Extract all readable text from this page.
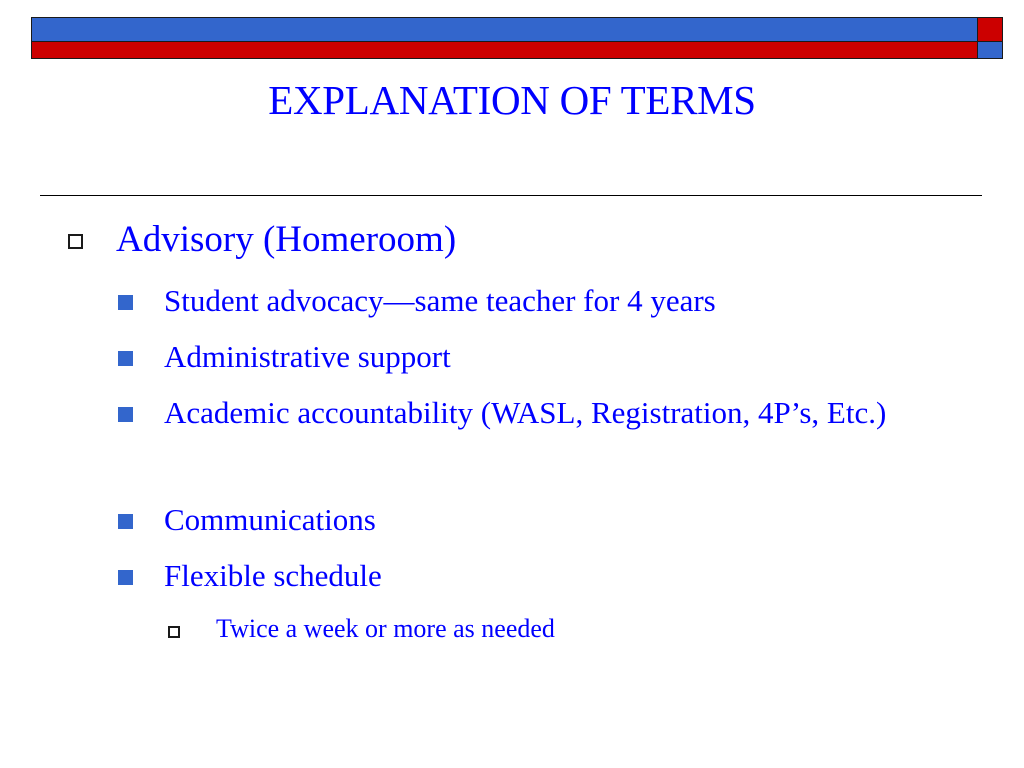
EXPLANATION OF TERMS
Advisory (Homeroom)
Student advocacy—same teacher for 4 years
Administrative support
Academic accountability (WASL, Registration, 4P’s, Etc.)
Communications
Flexible schedule
Twice a week or more as needed
